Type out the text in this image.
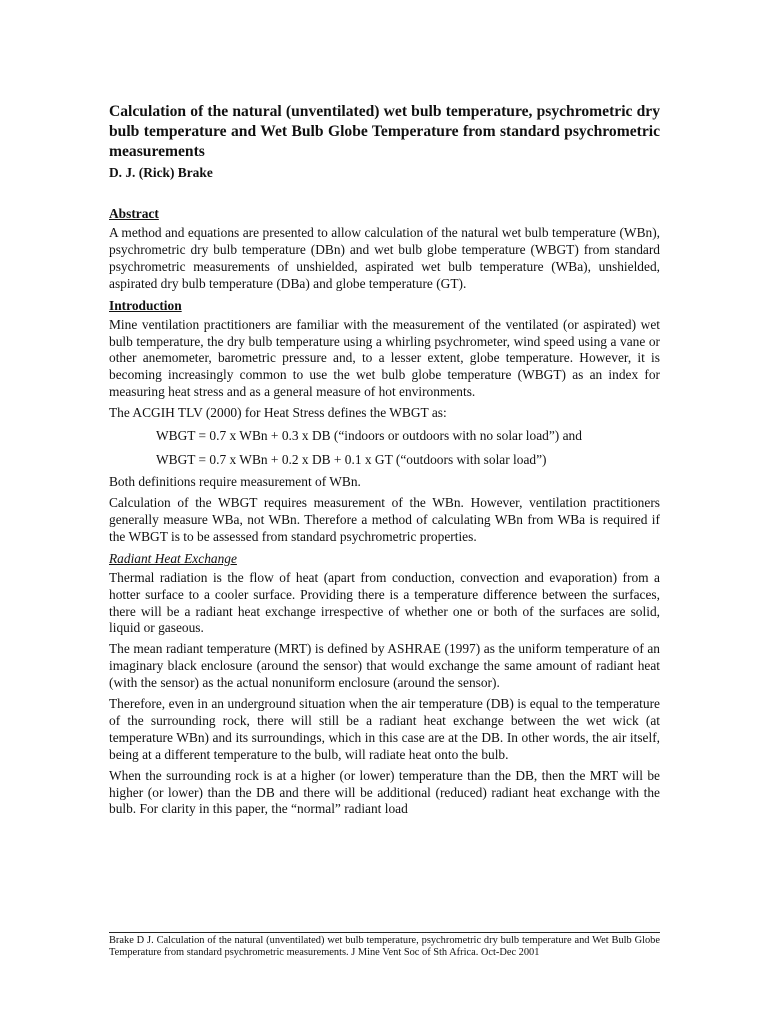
Calculation of the natural (unventilated) wet bulb temperature, psychrometric dry bulb temperature and Wet Bulb Globe Temperature from standard psychrometric measurements
D. J. (Rick) Brake
Abstract

A method and equations are presented to allow calculation of the natural wet bulb temperature (WBn), psychrometric dry bulb temperature (DBn) and wet bulb globe temperature (WBGT) from standard psychrometric measurements of unshielded, aspirated wet bulb temperature (WBa), unshielded, aspirated dry bulb temperature (DBa) and globe temperature (GT).

Introduction

Mine ventilation practitioners are familiar with the measurement of the ventilated (or aspirated) wet bulb temperature, the dry bulb temperature using a whirling psychrometer, wind speed using a vane or other anemometer, barometric pressure and, to a lesser extent, globe temperature. However, it is becoming increasingly common to use the wet bulb globe temperature (WBGT) as an index for measuring heat stress and as a general measure of hot environments.

The ACGIH TLV (2000) for Heat Stress defines the WBGT as:

WBGT = 0.7 x WBn + 0.3 x DB (“indoors or outdoors with no solar load”) and
WBGT = 0.7 x WBn + 0.2 x DB + 0.1 x GT (“outdoors with solar load”)

Both definitions require measurement of WBn.

Calculation of the WBGT requires measurement of the WBn. However, ventilation practitioners generally measure WBa, not WBn. Therefore a method of calculating WBn from WBa is required if the WBGT is to be assessed from standard psychrometric properties.

Radiant Heat Exchange

Thermal radiation is the flow of heat (apart from conduction, convection and evaporation) from a hotter surface to a cooler surface. Providing there is a temperature difference between the surfaces, there will be a radiant heat exchange irrespective of whether one or both of the surfaces are solid, liquid or gaseous.

The mean radiant temperature (MRT) is defined by ASHRAE (1997) as the uniform temperature of an imaginary black enclosure (around the sensor) that would exchange the same amount of radiant heat (with the sensor) as the actual nonuniform enclosure (around the sensor).

Therefore, even in an underground situation when the air temperature (DB) is equal to the temperature of the surrounding rock, there will still be a radiant heat exchange between the wet wick (at temperature WBn) and its surroundings, which in this case are at the DB. In other words, the air itself, being at a different temperature to the bulb, will radiate heat onto the bulb.

When the surrounding rock is at a higher (or lower) temperature than the DB, then the MRT will be higher (or lower) than the DB and there will be additional (reduced) radiant heat exchange with the bulb. For clarity in this paper, the “normal” radiant load

Brake D J. Calculation of the natural (unventilated) wet bulb temperature, psychrometric dry bulb temperature and Wet Bulb Globe Temperature from standard psychrometric measurements. J Mine Vent Soc of Sth Africa. Oct-Dec 2001
